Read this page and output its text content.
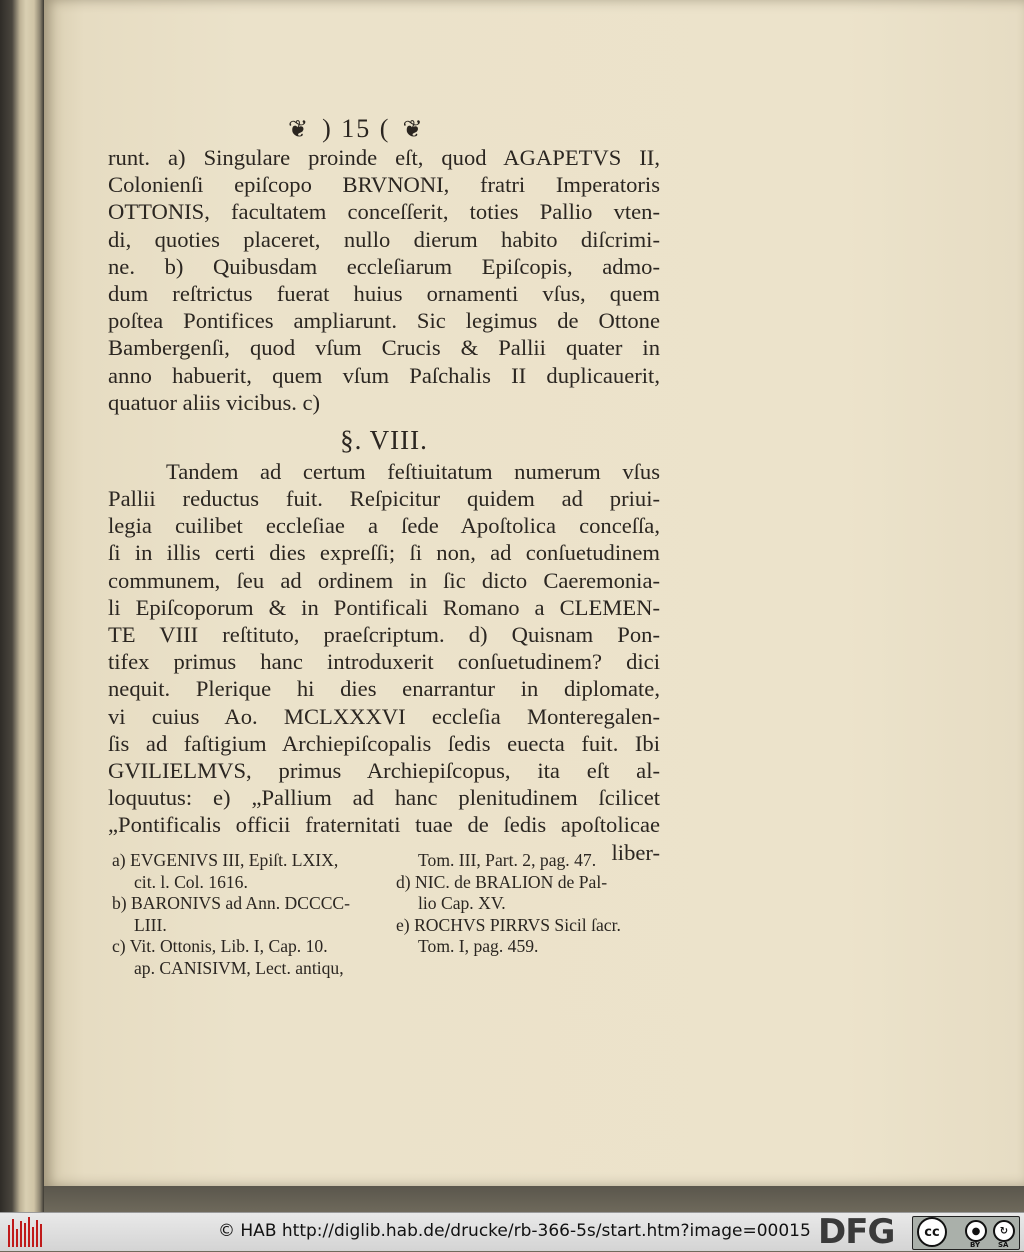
❦ ) 15 ( ❦
runt. a) Singulare proinde eſt, quod AGAPETVS II,
Colonienſi epiſcopo BRVNONI, fratri Imperatoris
OTTONIS, facultatem conceſſerit, toties Pallio vten-
di, quoties placeret, nullo dierum habito diſcrimi-
ne. b) Quibusdam eccleſiarum Epiſcopis, admo-
dum reſtrictus fuerat huius ornamenti vſus, quem
poſtea Pontifices ampliarunt. Sic legimus de Ottone
Bambergenſi, quod vſum Crucis & Pallii quater in
anno habuerit, quem vſum Paſchalis II duplicauerit,
quatuor aliis vicibus. c)
§. VIII.
Tandem ad certum feſtiuitatum numerum vſus
Pallii reductus fuit. Reſpicitur quidem ad priui-
legia cuilibet eccleſiae a ſede Apoſtolica conceſſa,
ſi in illis certi dies expreſſi; ſi non, ad conſuetudinem
communem, ſeu ad ordinem in ſic dicto Caeremonia-
li Epiſcoporum & in Pontificali Romano a CLEMEN-
TE VIII reſtituto, praeſcriptum. d) Quisnam Pon-
tifex primus hanc introduxerit conſuetudinem? dici
nequit. Plerique hi dies enarrantur in diplomate,
vi cuius Ao. MCLXXXVI eccleſia Monteregalen-
ſis ad faſtigium Archiepiſcopalis ſedis euecta fuit. Ibi
GVILIELMVS, primus Archiepiſcopus, ita eſt al-
loquutus: e) „Pallium ad hanc plenitudinem ſcilicet
„Pontificalis officii fraternitati tuae de ſedis apoſtolicae
liber-
a) EVGENIVS III, Epiſt. LXIX,
cit. l. Col. 1616.
b) BARONIVS ad Ann. DCCCC-
LIII.
c) Vit. Ottonis, Lib. I, Cap. 10.
ap. CANISIVM, Lect. antiqu,
Tom. III, Part. 2, pag. 47.
d) NIC. de BRALION de Pal-
lio Cap. XV.
e) ROCHVS PIRRVS Sicil ſacr.
Tom. I, pag. 459.
© HAB http://diglib.hab.de/drucke/rb-366-5s/start.htm?image=00015 DFG	cc	●	↻
BY	SA
